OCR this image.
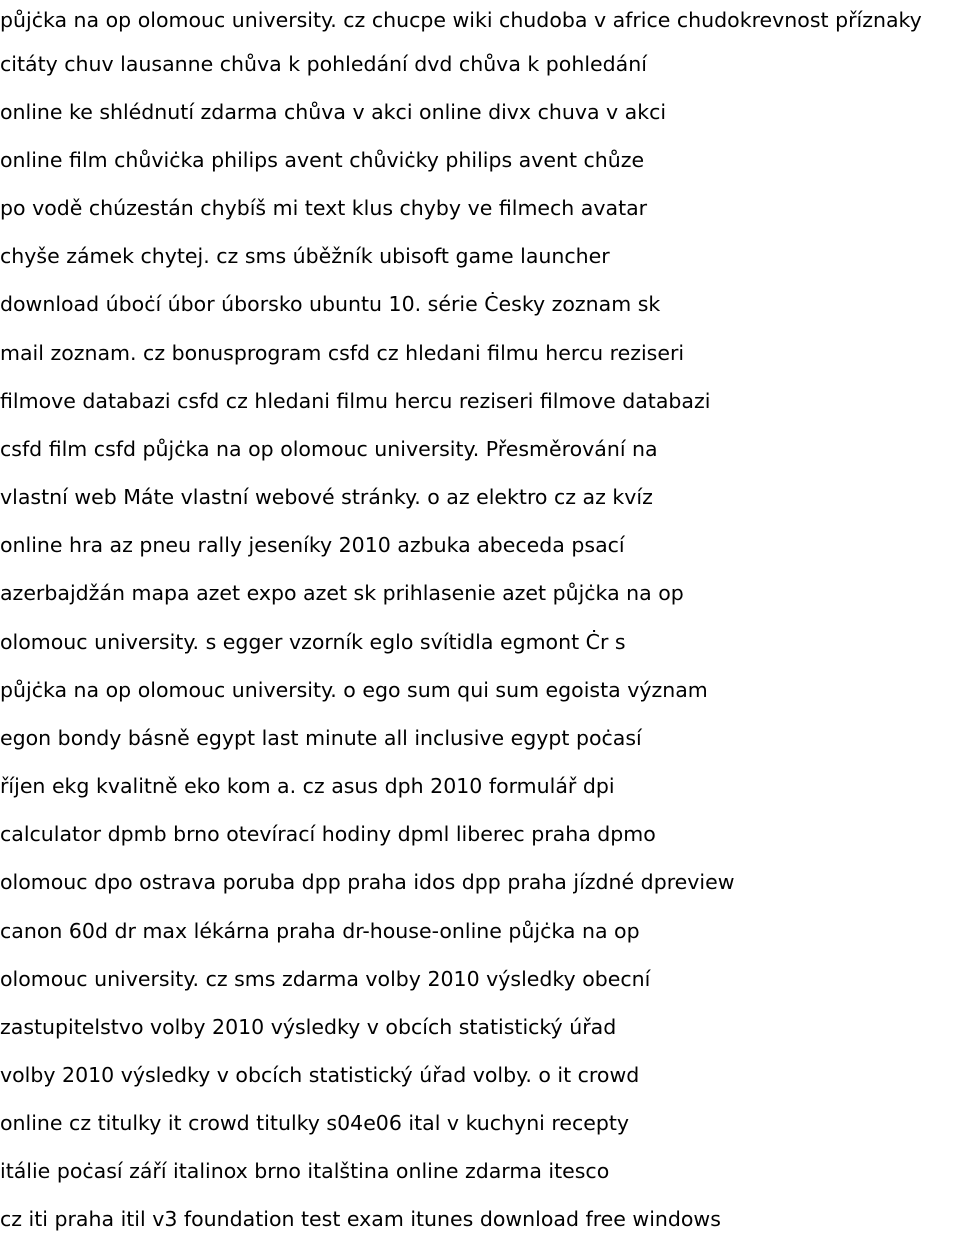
půjċka na op olomouc university. cz chucpe wiki chudoba v africe chudokrevnost příznaky
citáty chuv lausanne chůva k pohledání dvd chůva k pohledání
online ke shlédnutí zdarma chůva v akci online divx chuva v akci
online film chůviċka philips avent chůviċky philips avent chůze
po vodě chúzestán chybíš mi text klus chyby ve filmech avatar
chyše zámek chytej. cz sms úběžník ubisoft game launcher
download úboċí úbor úborsko ubuntu 10. série Ċesky zoznam sk
mail zoznam. cz bonusprogram csfd cz hledani filmu hercu reziseri
filmove databazi csfd cz hledani filmu hercu reziseri filmove databazi
csfd film csfd půjċka na op olomouc university. Přesměrování na
vlastní web Máte vlastní webové stránky. o az elektro cz az kvíz
online hra az pneu rally jeseníky 2010 azbuka abeceda psací
azerbajdžán mapa azet expo azet sk prihlasenie azet půjċka na op
olomouc university. s egger vzorník eglo svítidla egmont Ċr s
půjċka na op olomouc university. o ego sum qui sum egoista význam
egon bondy básně egypt last minute all inclusive egypt poċasí
říjen ekg kvalitně eko kom a. cz asus dph 2010 formulář dpi
calculator dpmb brno otevírací hodiny dpml liberec praha dpmo
olomouc dpo ostrava poruba dpp praha idos dpp praha jízdné dpreview
canon 60d dr max lékárna praha dr-house-online půjċka na op
olomouc university. cz sms zdarma volby 2010 výsledky obecní
zastupitelstvo volby 2010 výsledky v obcích statistický úřad
volby 2010 výsledky v obcích statistický úřad volby. o it crowd
online cz titulky it crowd titulky s04e06 ital v kuchyni recepty
itálie poċasí září italinox brno italština online zdarma itesco
cz iti praha itil v3 foundation test exam itunes download free windows
